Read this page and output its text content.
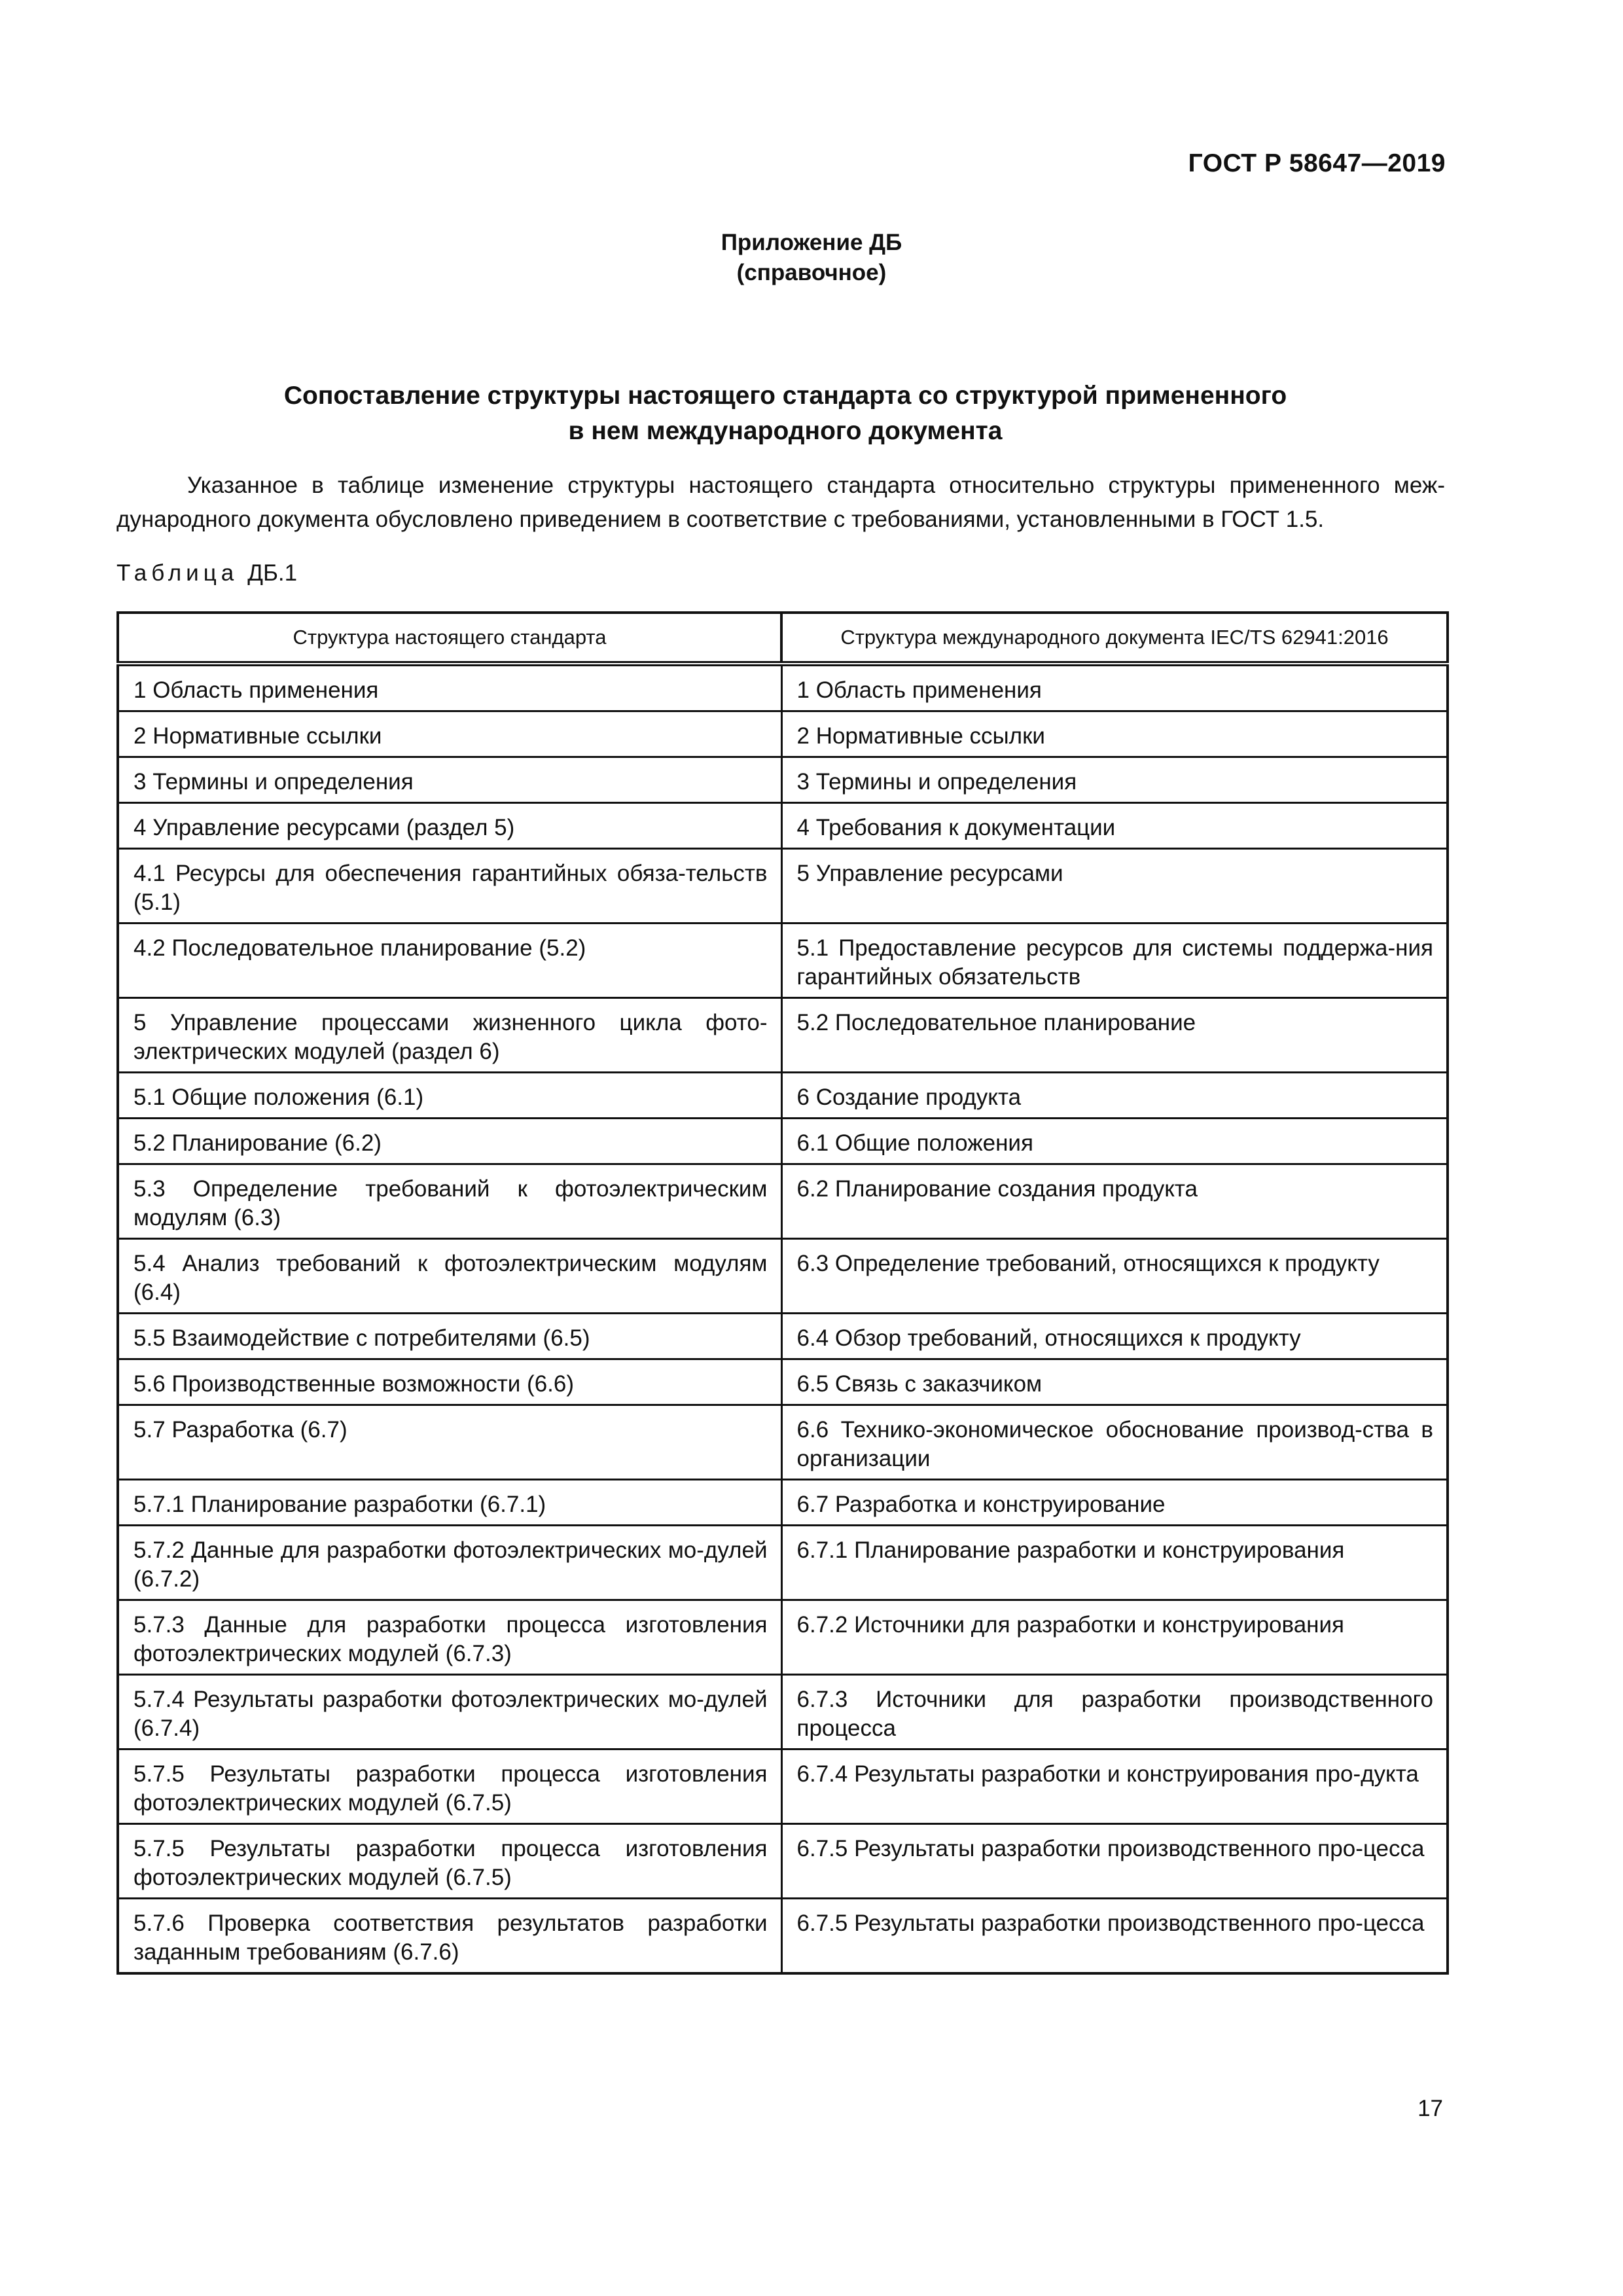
ГОСТ Р 58647—2019
Приложение ДБ
(справочное)
Сопоставление структуры настоящего стандарта со структурой примененного
в нем международного документа
Указанное в таблице изменение структуры настоящего стандарта относительно структуры примененного меж-дународного документа обусловлено приведением в соответствие с требованиями, установленными в ГОСТ 1.5.
Таблица ДБ.1
Структура настоящего стандарта	Структура международного документа IEC/TS 62941:2016
1 Область применения	1 Область применения
2 Нормативные ссылки	2 Нормативные ссылки
3 Термины и определения	3 Термины и определения
4 Управление ресурсами (раздел 5)	4 Требования к документации
4.1 Ресурсы для обеспечения гарантийных обяза-тельств (5.1)	5 Управление ресурсами
4.2 Последовательное планирование (5.2)	5.1 Предоставление ресурсов для системы поддержа-ния гарантийных обязательств
5 Управление процессами жизненного цикла фото-электрических модулей (раздел 6)	5.2 Последовательное планирование
5.1 Общие положения (6.1)	6 Создание продукта
5.2 Планирование (6.2)	6.1 Общие положения
5.3 Определение требований к фотоэлектрическим модулям (6.3)	6.2 Планирование создания продукта
5.4 Анализ требований к фотоэлектрическим модулям (6.4)	6.3 Определение требований, относящихся к продукту
5.5 Взаимодействие с потребителями (6.5)	6.4 Обзор требований, относящихся к продукту
5.6 Производственные возможности (6.6)	6.5 Связь с заказчиком
5.7 Разработка (6.7)	6.6 Технико-экономическое обоснование производ-ства в организации
5.7.1 Планирование разработки (6.7.1)	6.7 Разработка и конструирование
5.7.2 Данные для разработки фотоэлектрических мо-дулей (6.7.2)	6.7.1 Планирование разработки и конструирования
5.7.3 Данные для разработки процесса изготовления фотоэлектрических модулей (6.7.3)	6.7.2 Источники для разработки и конструирования
5.7.4 Результаты разработки фотоэлектрических мо-дулей (6.7.4)	6.7.3 Источники для разработки производственного процесса
5.7.5 Результаты разработки процесса изготовления фотоэлектрических модулей (6.7.5)	6.7.4 Результаты разработки и конструирования про-дукта
5.7.5 Результаты разработки процесса изготовления фотоэлектрических модулей (6.7.5)	6.7.5 Результаты разработки производственного про-цесса
5.7.6 Проверка соответствия результатов разработки заданным требованиям (6.7.6)	6.7.5 Результаты разработки производственного про-цесса
17
